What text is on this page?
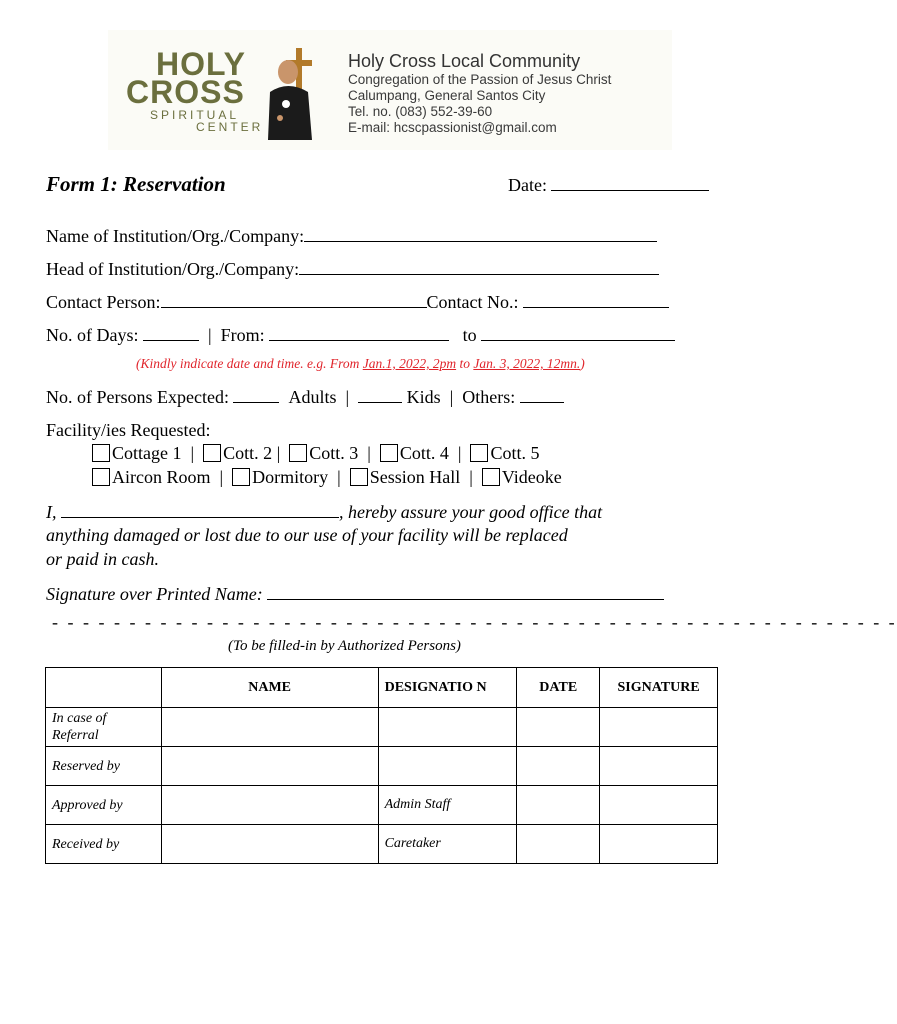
HOLY
CROSS
SPIRITUAL
CENTER
Holy Cross Local Community
Congregation of the Passion of Jesus Christ
Calumpang, General Santos City
Tel. no. (083) 552-39-60
E-mail: hcscpassionist@gmail.com
Form 1: Reservation	Date:
Name of Institution/Org./Company:
Head of Institution/Org./Company:
Contact Person:	Contact No.:
No. of Days:	| From:	to
(Kindly indicate date and time. e.g. From Jan.1, 2022, 2pm to Jan. 3, 2022, 12mn.)
No. of Persons Expected:	Adults |	Kids | Others:
Facility/ies Requested:
Cottage 1  |  Cott. 2 |  Cott. 3  |  Cott. 4  |  Cott. 5
Aircon Room  |  Dormitory  |  Session Hall  |  Videoke
I,	, hereby assure your good office that
anything damaged or lost due to our use of your facility will be replaced
or paid in cash.
Signature over Printed Name:
- - - - - - - - - - - - - - - - - - - - - - - - - - - - - - - - - - - - - - - - - - - - - - - - - - - - - - -
(To be filled-in by Authorized Persons)
	NAME	DESIGNATIO N	DATE	SIGNATURE
In case of Referral				
Reserved by				
Approved by		Admin Staff		
Received by		Caretaker		
